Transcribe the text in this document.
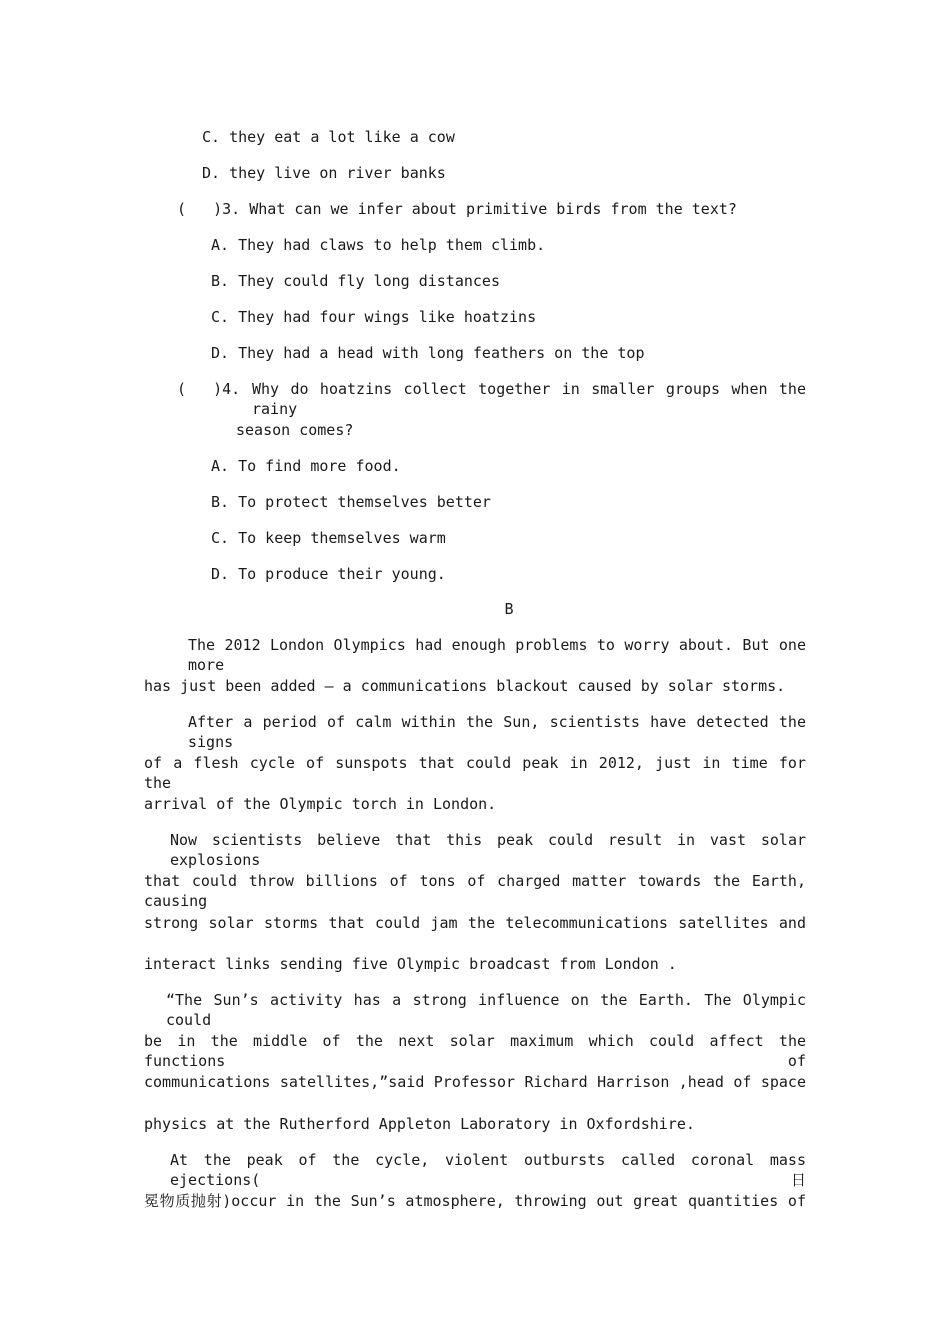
C. they eat a lot like a cow
D. they live on river banks
(   )3. What can we infer about primitive birds from the text?
A. They had claws to help them climb.
B. They could fly long distances
C. They had four wings like hoatzins
D. They had a head with long feathers on the top
(   )4. Why do hoatzins collect together in smaller groups when the rainy
season comes?
A. To find more food.
B. To protect themselves better
C. To keep themselves warm
D. To produce their young.
B
The 2012 London Olympics had enough problems to worry about. But one more
has just been added – a communications blackout caused by solar storms.
After a period of calm within the Sun, scientists have detected the signs
of a flesh cycle of sunspots that could peak in 2012, just in time for the
arrival of the Olympic torch in London.
Now scientists believe that this peak could result in vast solar explosions
that could throw billions of tons of charged matter towards the Earth, causing
strong solar storms that could jam the telecommunications satellites and
interact links sending five Olympic broadcast from London .
“The Sun’s activity has a strong influence on the Earth. The Olympic could
be in the middle of the next solar maximum which could affect the functions of
communications satellites,”said Professor Richard Harrison ,head of space
physics at the Rutherford Appleton Laboratory in Oxfordshire.
At the peak of the cycle, violent outbursts called coronal mass ejections(日
冕物质抛射)occur in the Sun’s atmosphere, throwing out great quantities of
